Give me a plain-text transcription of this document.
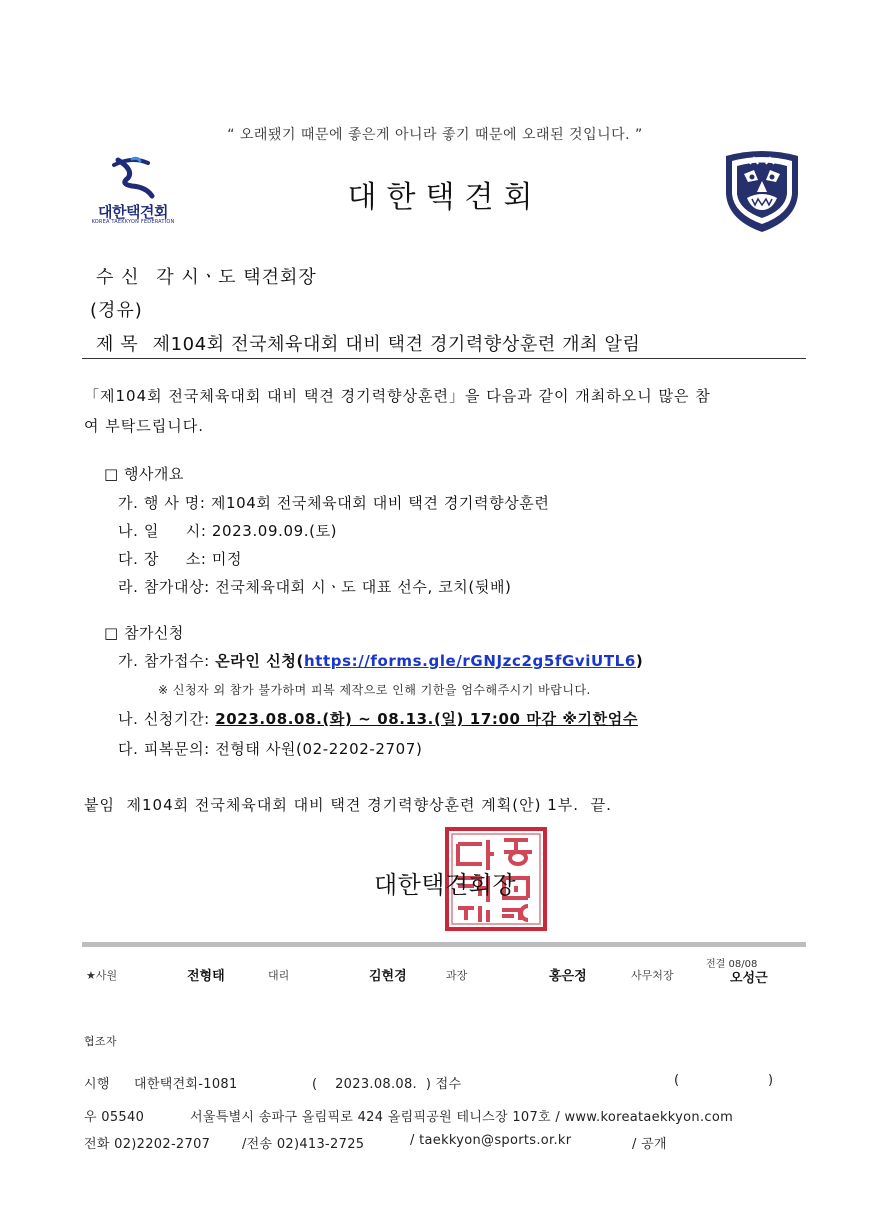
“ 오래됐기 때문에 좋은게 아니라 좋기 때문에 오래된 것입니다. ”
대한택견회
KOREA TAEKKYON FEDERATION
대한택견회
수 신 각 시ㆍ도 택견회장
(경유)
제 목 제104회 전국체육대회 대비 택견 경기력향상훈련 개최 알림
「제104회 전국체육대회 대비 택견 경기력향상훈련」을 다음과 같이 개최하오니 많은 참
여 부탁드립니다.
□ 행사개요
가. 행 사 명: 제104회 전국체육대회 대비 택견 경기력향상훈련
나. 일     시: 2023.09.09.(토)
다. 장     소: 미정
라. 참가대상: 전국체육대회 시ㆍ도 대표 선수, 코치(뒷배)
□ 참가신청
가. 참가접수: 온라인 신청(https://forms.gle/rGNJzc2g5fGviUTL6)
※ 신청자 외 참가 불가하며 피복 제작으로 인해 기한을 엄수해주시기 바랍니다.
나. 신청기간: 2023.08.08.(화) ~ 08.13.(일) 17:00 마감 ※기한엄수
다. 피복문의: 전형태 사원(02-2202-2707)
붙임  제104회 전국체육대회 대비 택견 경기력향상훈련 계획(안) 1부.  끝.
대한택견회장
★사원	전형태	대리	김현경	과장	홍은정	사무처장
전결 08/08
오성근
협조자
시행 대한택견회-1081	(    2023.08.08.  ) 접수	(                    )
우 05540	서울특별시 송파구 올림픽로 424 올림픽공원 테니스장 107호 / www.koreataekkyon.com
전화 02)2202-2707 /전송 02)413-2725	/ taekkyon@sports.or.kr	/ 공개
